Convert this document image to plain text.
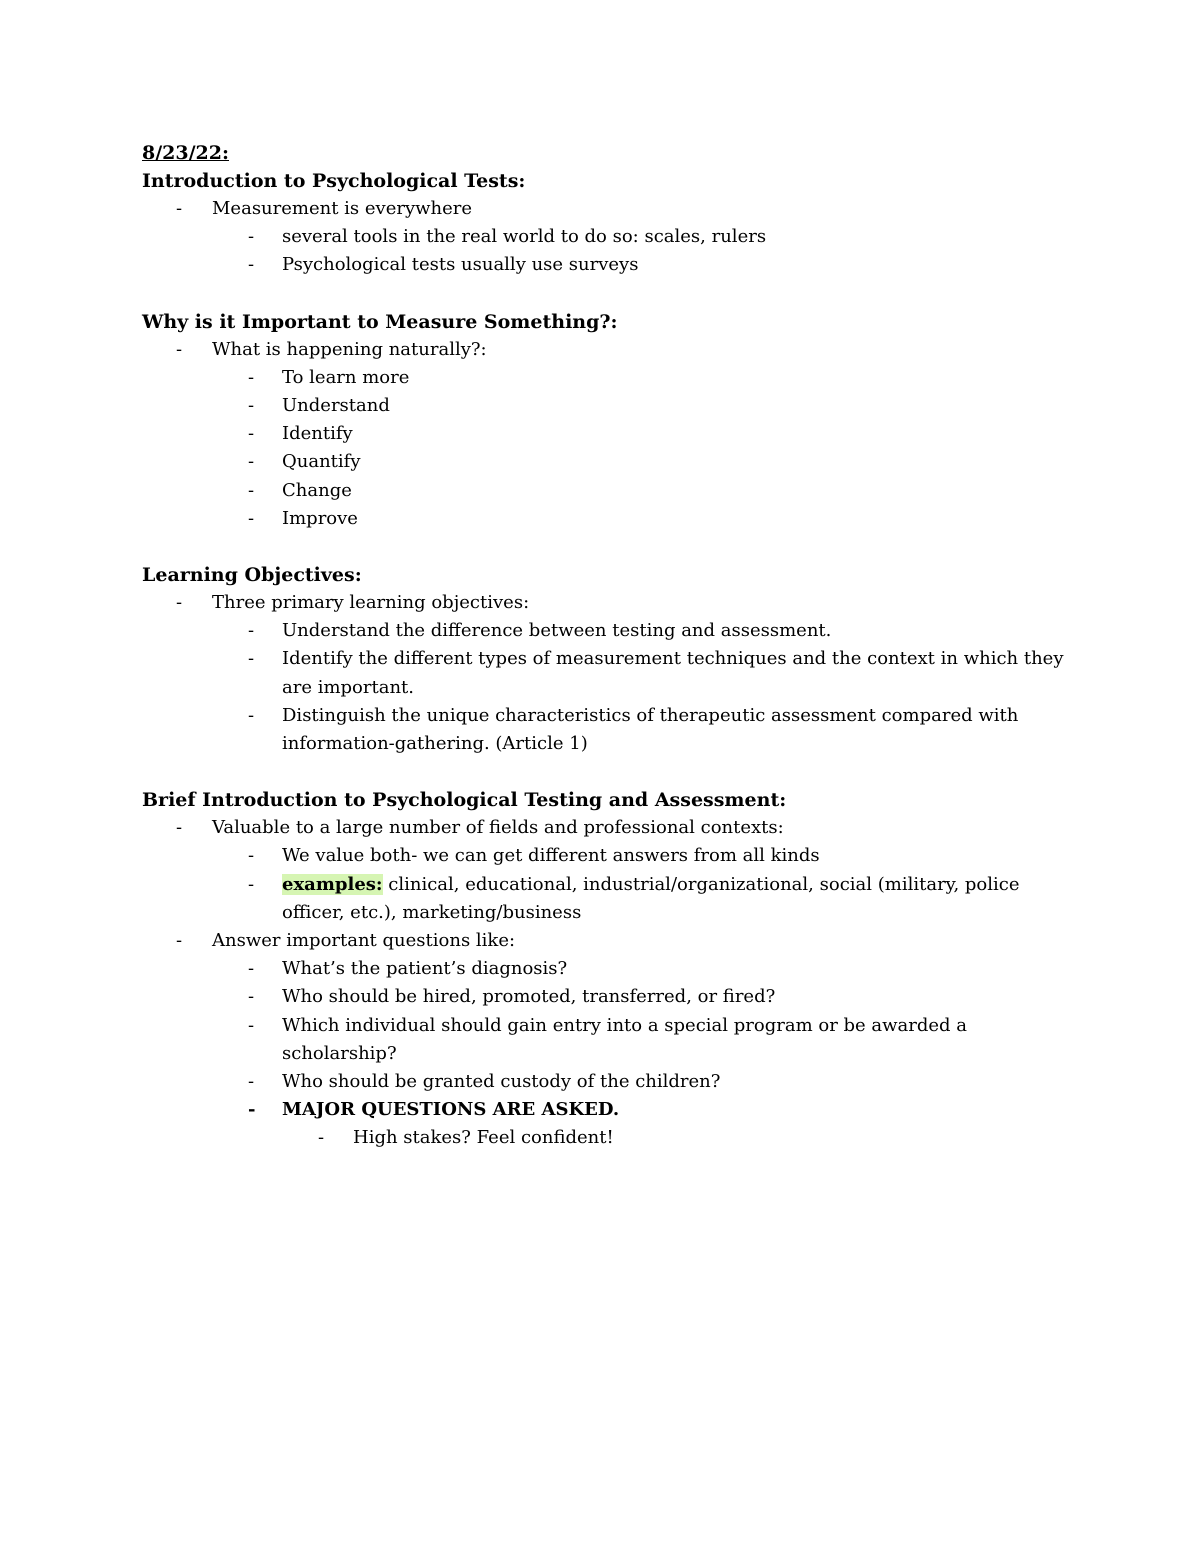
8/23/22:

Introduction to Psychological Tests:

- Measurement is everywhere
- several tools in the real world to do so: scales, rulers
- Psychological tests usually use surveys

Why is it Important to Measure Something?:

- What is happening naturally?:
- To learn more
- Understand
- Identify
- Quantify
- Change
- Improve

Learning Objectives:

- Three primary learning objectives:
- Understand the difference between testing and assessment.
- Identify the different types of measurement techniques and the context in which they are important.
- Distinguish the unique characteristics of therapeutic assessment compared with information-gathering. (Article 1)

Brief Introduction to Psychological Testing and Assessment:

- Valuable to a large number of fields and professional contexts:
- We value both- we can get different answers from all kinds
- examples: clinical, educational, industrial/organizational, social (military, police officer, etc.), marketing/business
- Answer important questions like:
- What’s the patient’s diagnosis?
- Who should be hired, promoted, transferred, or fired?
- Which individual should gain entry into a special program or be awarded a scholarship?
- Who should be granted custody of the children?
- MAJOR QUESTIONS ARE ASKED.
- High stakes? Feel confident!
